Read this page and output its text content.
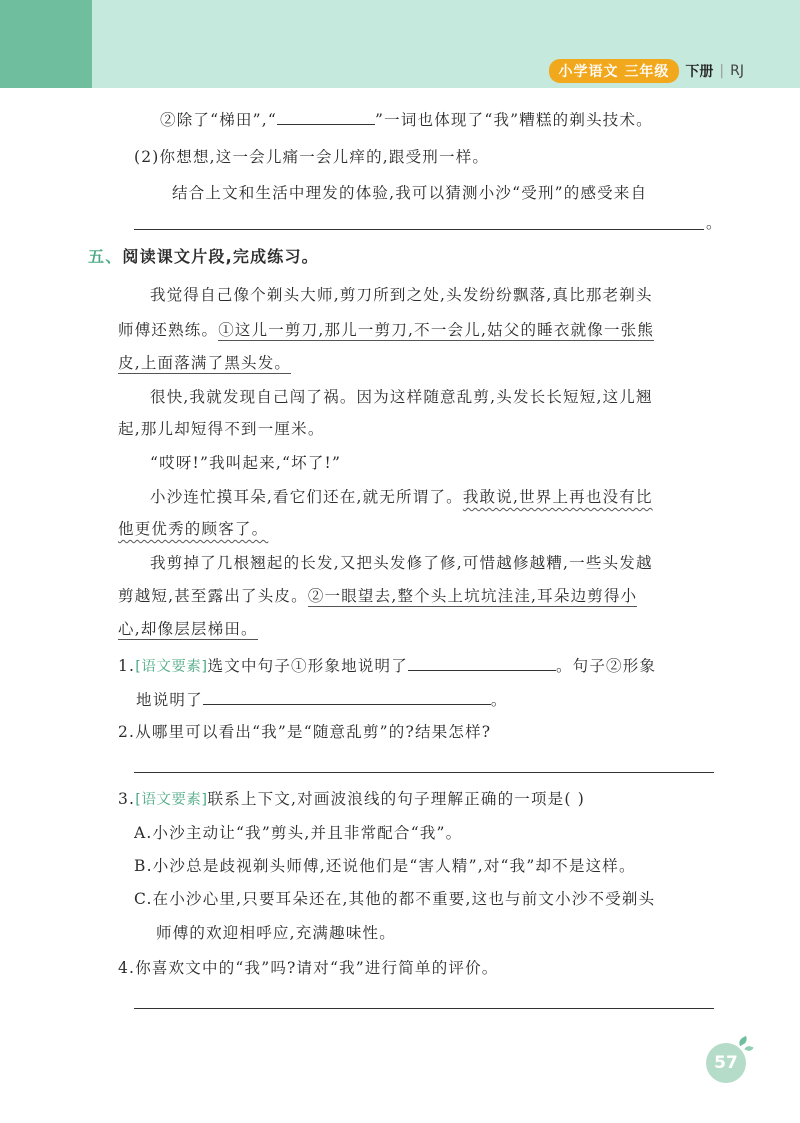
小学语文 三年级	下册 | RJ
②除了“梯田”,“	”一词也体现了“我”糟糕的剃头技术。
(2)你想想,这一会儿痛一会儿痒的,跟受刑一样。
结合上文和生活中理发的体验,我可以猜测小沙“受刑”的感受来自
。
五、阅读课文片段,完成练习。
我觉得自己像个剃头大师,剪刀所到之处,头发纷纷飘落,真比那老剃头
师傅还熟练。①这儿一剪刀,那儿一剪刀,不一会儿,姑父的睡衣就像一张熊
皮,上面落满了黑头发。
很快,我就发现自己闯了祸。因为这样随意乱剪,头发长长短短,这儿翘
起,那儿却短得不到一厘米。
“哎呀!”我叫起来,“坏了!”
小沙连忙摸耳朵,看它们还在,就无所谓了。我敢说,世界上再也没有比
他更优秀的顾客了。
我剪掉了几根翘起的长发,又把头发修了修,可惜越修越糟,一些头发越
剪越短,甚至露出了头皮。②一眼望去,整个头上坑坑洼洼,耳朵边剪得小
心,却像层层梯田。
1.[语文要素]选文中句子①形象地说明了	。句子②形象
地说明了	。
2.从哪里可以看出“我”是“随意乱剪”的?结果怎样?
3.[语文要素]联系上下文,对画波浪线的句子理解正确的一项是( )
A.小沙主动让“我”剪头,并且非常配合“我”。
B.小沙总是歧视剃头师傅,还说他们是“害人精”,对“我”却不是这样。
C.在小沙心里,只要耳朵还在,其他的都不重要,这也与前文小沙不受剃头
师傅的欢迎相呼应,充满趣味性。
4.你喜欢文中的“我”吗?请对“我”进行简单的评价。
57
